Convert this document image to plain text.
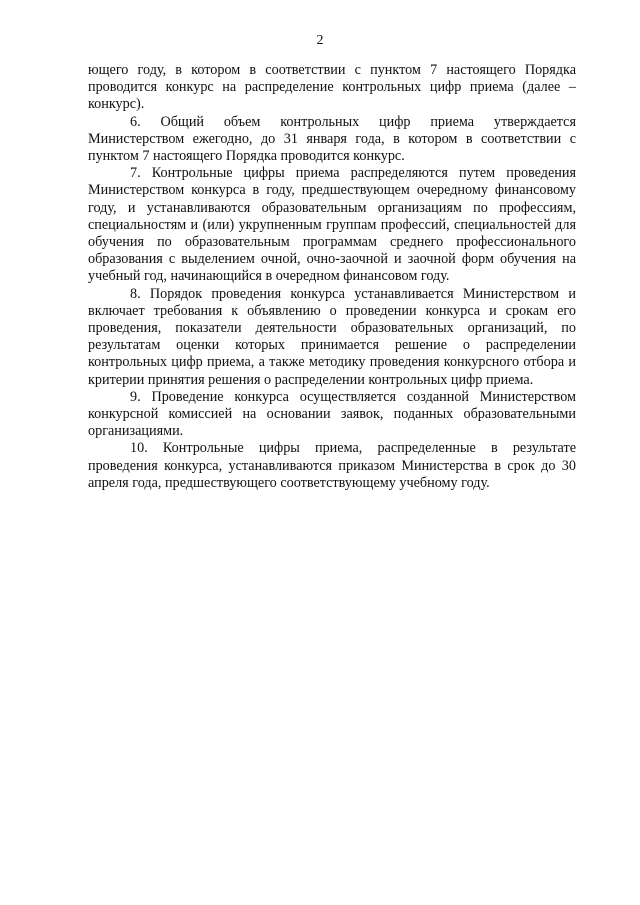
2

ющего году, в котором в соответствии с пунктом 7 настоящего Порядка проводится конкурс на распределение контрольных цифр приема (далее – конкурс).

6. Общий объем контрольных цифр приема утверждается Министерством ежегодно, до 31 января года, в котором в соответствии с пунктом 7 настоящего Порядка проводится конкурс.

7. Контрольные цифры приема распределяются путем проведения Министерством конкурса в году, предшествующем очередному финансовому году, и устанавливаются образовательным организациям по профессиям, специальностям и (или) укрупненным группам профессий, специальностей для обучения по образовательным программам среднего профессионального образования с выделением очной, очно-заочной и заочной форм обучения на учебный год, начинающийся в очередном финансовом году.

8. Порядок проведения конкурса устанавливается Министерством и включает требования к объявлению о проведении конкурса и срокам его проведения, показатели деятельности образовательных организаций, по результатам оценки которых принимается решение о распределении контрольных цифр приема, а также методику проведения конкурсного отбора и критерии принятия решения о распределении контрольных цифр приема.

9. Проведение конкурса осуществляется созданной Министерством конкурсной комиссией на основании заявок, поданных образовательными организациями.

10. Контрольные цифры приема, распределенные в результате проведения конкурса, устанавливаются приказом Министерства в срок до 30 апреля года, предшествующего соответствующему учебному году.
